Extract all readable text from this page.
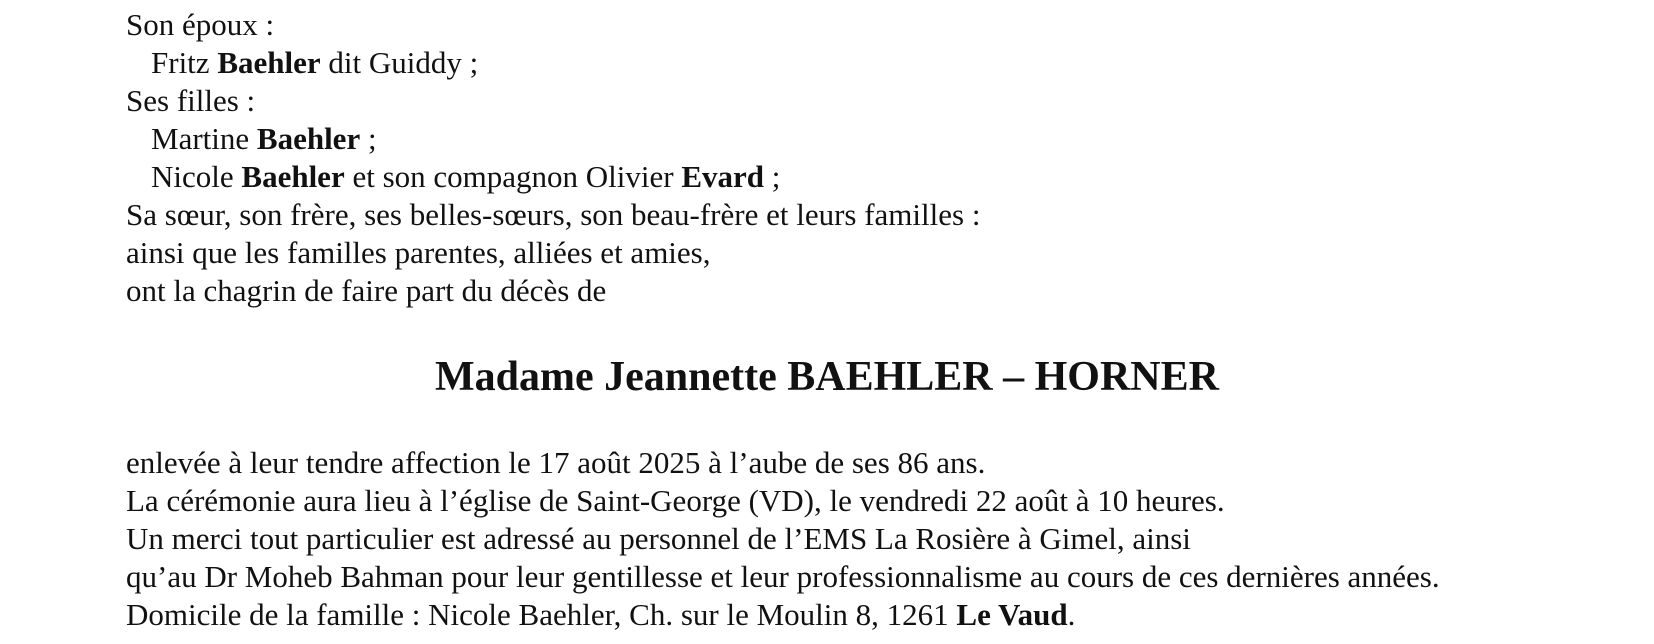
Son époux :
Fritz Baehler dit Guiddy ;
Ses filles :
Martine Baehler ;
Nicole Baehler et son compagnon Olivier Evard ;
Sa sœur, son frère, ses belles-sœurs, son beau-frère et leurs familles :
ainsi que les familles parentes, alliées et amies,
ont la chagrin de faire part du décès de
Madame Jeannette BAEHLER – HORNER
enlevée à leur tendre affection le 17 août 2025 à l’aube de ses 86 ans.
La cérémonie aura lieu à l’église de Saint-George (VD), le vendredi 22 août à 10 heures.
Un merci tout particulier est adressé au personnel de l’EMS La Rosière à Gimel, ainsi
qu’au Dr Moheb Bahman pour leur gentillesse et leur professionnalisme au cours de ces dernières années.
Domicile de la famille : Nicole Baehler, Ch. sur le Moulin 8, 1261 Le Vaud.
